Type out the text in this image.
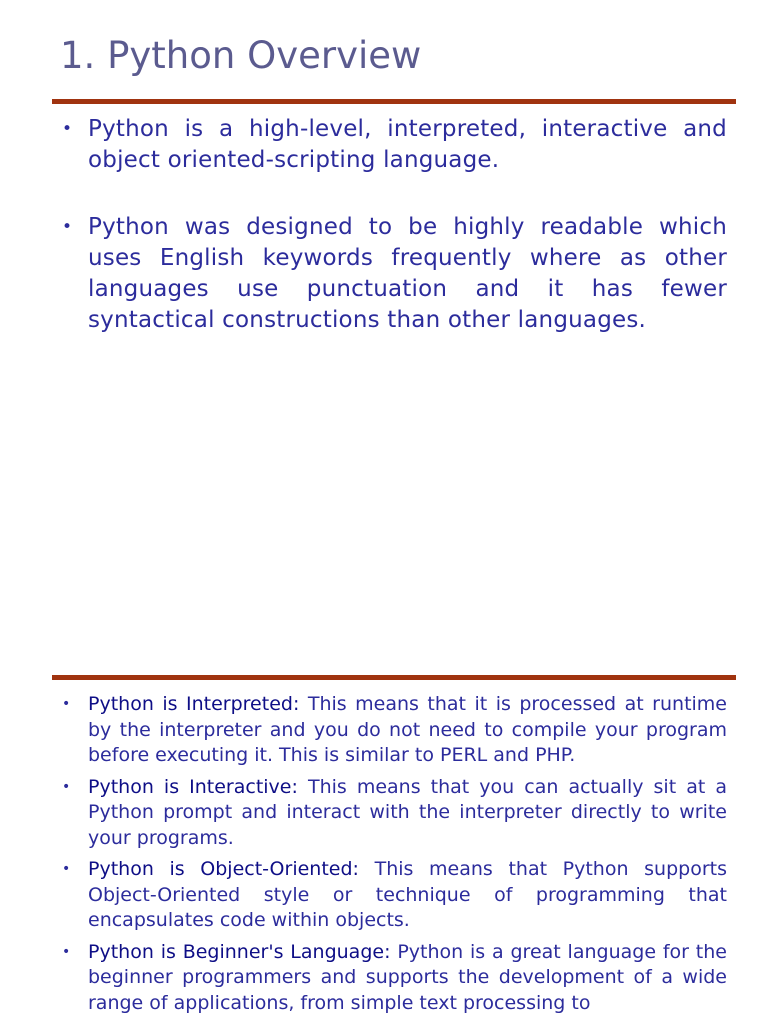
1. Python Overview
• Python is a high-level, interpreted, interactive and object oriented-scripting language.
• Python was designed to be highly readable which uses English keywords frequently where as other languages use punctuation and it has fewer syntactical constructions than other languages.
• Python is Interpreted: This means that it is processed at runtime by the interpreter and you do not need to compile your program before executing it. This is similar to PERL and PHP.
• Python is Interactive: This means that you can actually sit at a Python prompt and interact with the interpreter directly to write your programs.
• Python is Object-Oriented: This means that Python supports Object-Oriented style or technique of programming that encapsulates code within objects.
• Python is Beginner's Language: Python is a great language for the beginner programmers and supports the development of a wide range of applications, from simple text processing to
